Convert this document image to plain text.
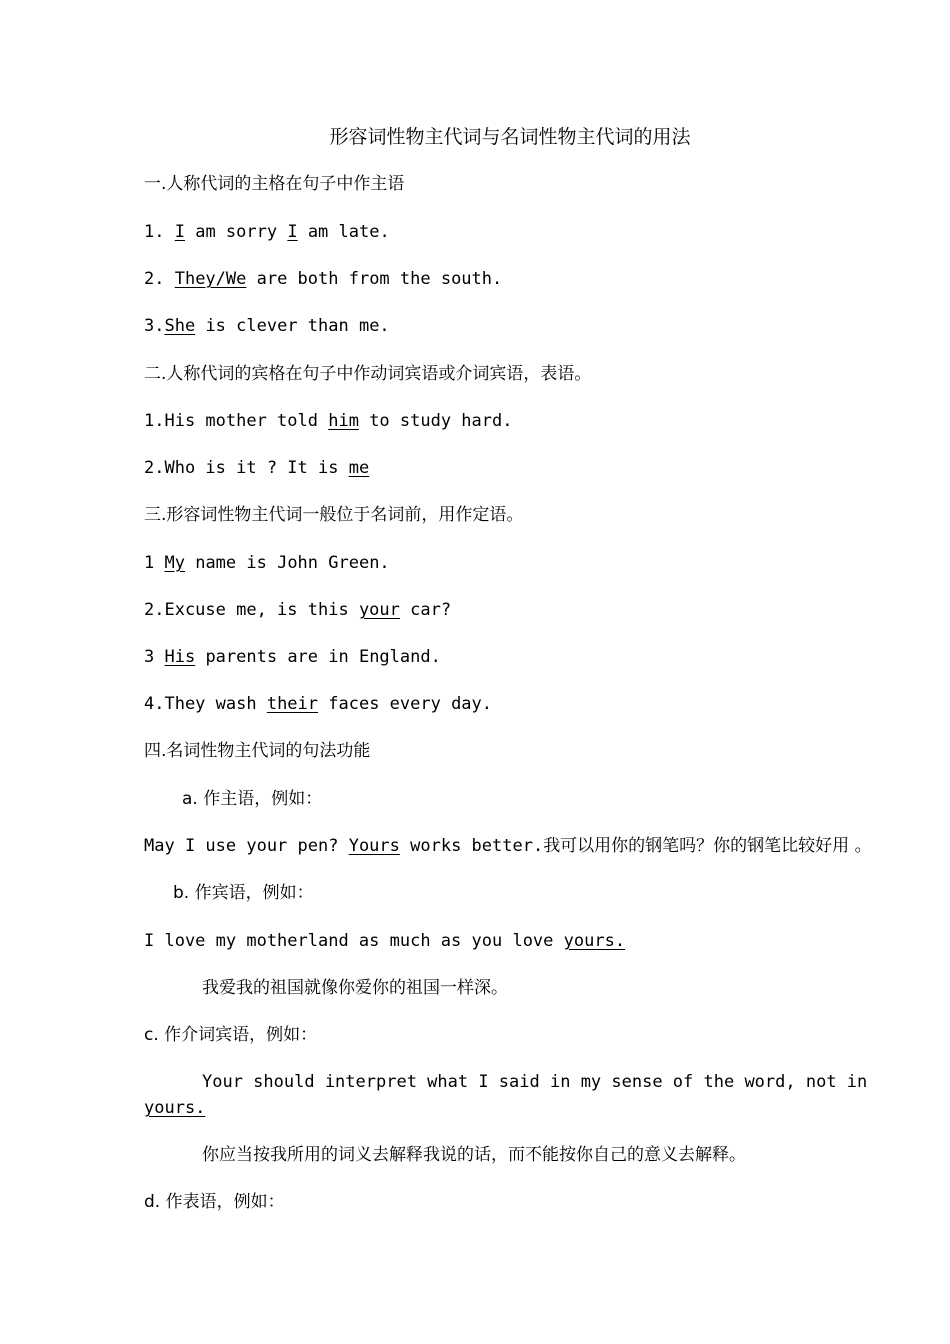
形容词性物主代词与名词性物主代词的用法
一.人称代词的主格在句子中作主语
1. I am sorry I am late.
2. They/We are both from the south.
3.She is clever than me.
二.人称代词的宾格在句子中作动词宾语或介词宾语，表语。
1.His mother told him to study hard.
2.Who is it ? It is me
三.形容词性物主代词一般位于名词前，用作定语。
1 My name is John Green.
2.Excuse me, is this your car?
3 His parents are in England.
4.They wash their faces every day.
四.名词性物主代词的句法功能
a. 作主语，例如：
May I use your pen? Yours works better.我可以用你的钢笔吗？你的钢笔比较好用 。
b. 作宾语，例如：
I love my motherland as much as you love yours.
我爱我的祖国就像你爱你的祖国一样深。
c. 作介词宾语，例如：
Your should interpret what I said in my sense of the word, not in
yours.
你应当按我所用的词义去解释我说的话，而不能按你自己的意义去解释。
d. 作表语，例如：
